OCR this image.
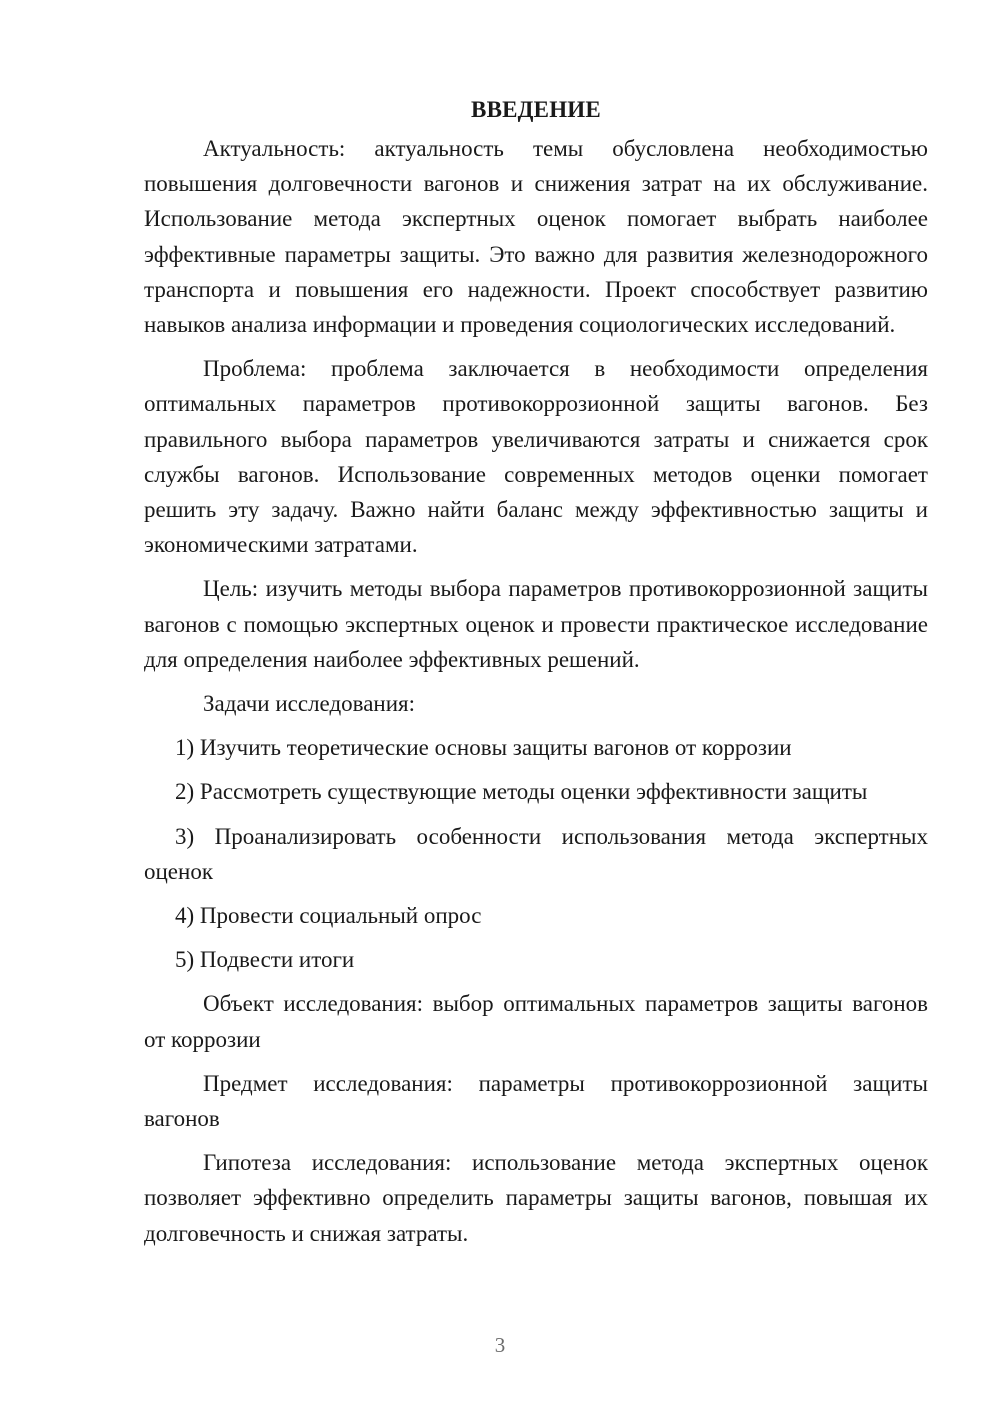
ВВЕДЕНИЕ

Актуальность: актуальность темы обусловлена необходимостью повышения долговечности вагонов и снижения затрат на их обслуживание. Использование метода экспертных оценок помогает выбрать наиболее эффективные параметры защиты. Это важно для развития железнодорожного транспорта и повышения его надежности. Проект способствует развитию навыков анализа информации и проведения социологических исследований.

Проблема: проблема заключается в необходимости определения оптимальных параметров противокоррозионной защиты вагонов. Без правильного выбора параметров увеличиваются затраты и снижается срок службы вагонов. Использование современных методов оценки помогает решить эту задачу. Важно найти баланс между эффективностью защиты и экономическими затратами.

Цель: изучить методы выбора параметров противокоррозионной защиты вагонов с помощью экспертных оценок и провести практическое исследование для определения наиболее эффективных решений.

Задачи исследования:

1) Изучить теоретические основы защиты вагонов от коррозии

2) Рассмотреть существующие методы оценки эффективности защиты

3) Проанализировать особенности использования метода экспертных оценок

4) Провести социальный опрос

5) Подвести итоги

Объект исследования: выбор оптимальных параметров защиты вагонов от коррозии

Предмет исследования: параметры противокоррозионной защиты вагонов

Гипотеза исследования: использование метода экспертных оценок позволяет эффективно определить параметры защиты вагонов, повышая их долговечность и снижая затраты.

3
